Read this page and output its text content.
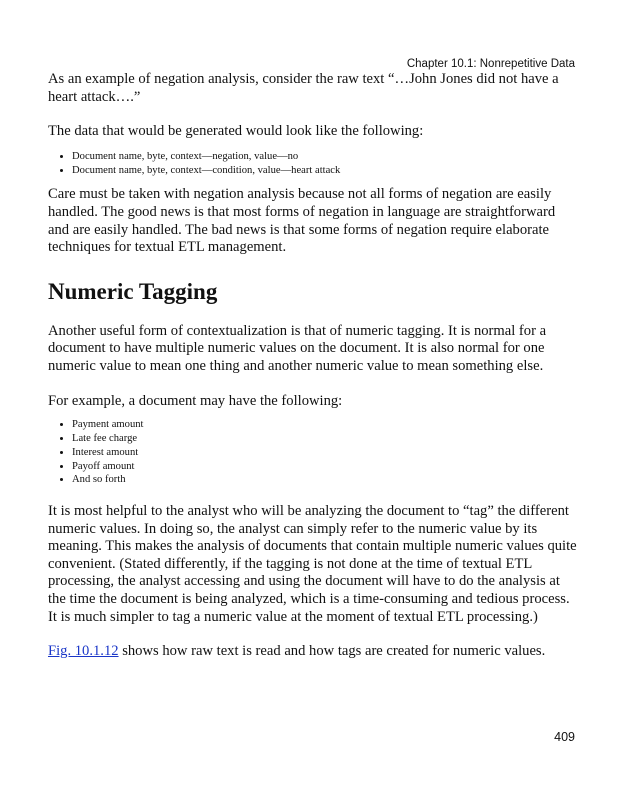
Chapter 10.1: Nonrepetitive Data

As an example of negation analysis, consider the raw text “…John Jones did not have a heart attack….”

The data that would be generated would look like the following:

• Document name, byte, context—negation, value—no
• Document name, byte, context—condition, value—heart attack

Care must be taken with negation analysis because not all forms of negation are easily handled. The good news is that most forms of negation in language are straightforward and are easily handled. The bad news is that some forms of negation require elaborate techniques for textual ETL management.

Numeric Tagging

Another useful form of contextualization is that of numeric tagging. It is normal for a document to have multiple numeric values on the document. It is also normal for one numeric value to mean one thing and another numeric value to mean something else.

For example, a document may have the following:

• Payment amount
• Late fee charge
• Interest amount
• Payoff amount
• And so forth

It is most helpful to the analyst who will be analyzing the document to “tag” the different numeric values. In doing so, the analyst can simply refer to the numeric value by its meaning. This makes the analysis of documents that contain multiple numeric values quite convenient. (Stated differently, if the tagging is not done at the time of textual ETL processing, the analyst accessing and using the document will have to do the analysis at the time the document is being analyzed, which is a time-consuming and tedious process. It is much simpler to tag a numeric value at the moment of textual ETL processing.)

Fig. 10.1.12 shows how raw text is read and how tags are created for numeric values.

409
